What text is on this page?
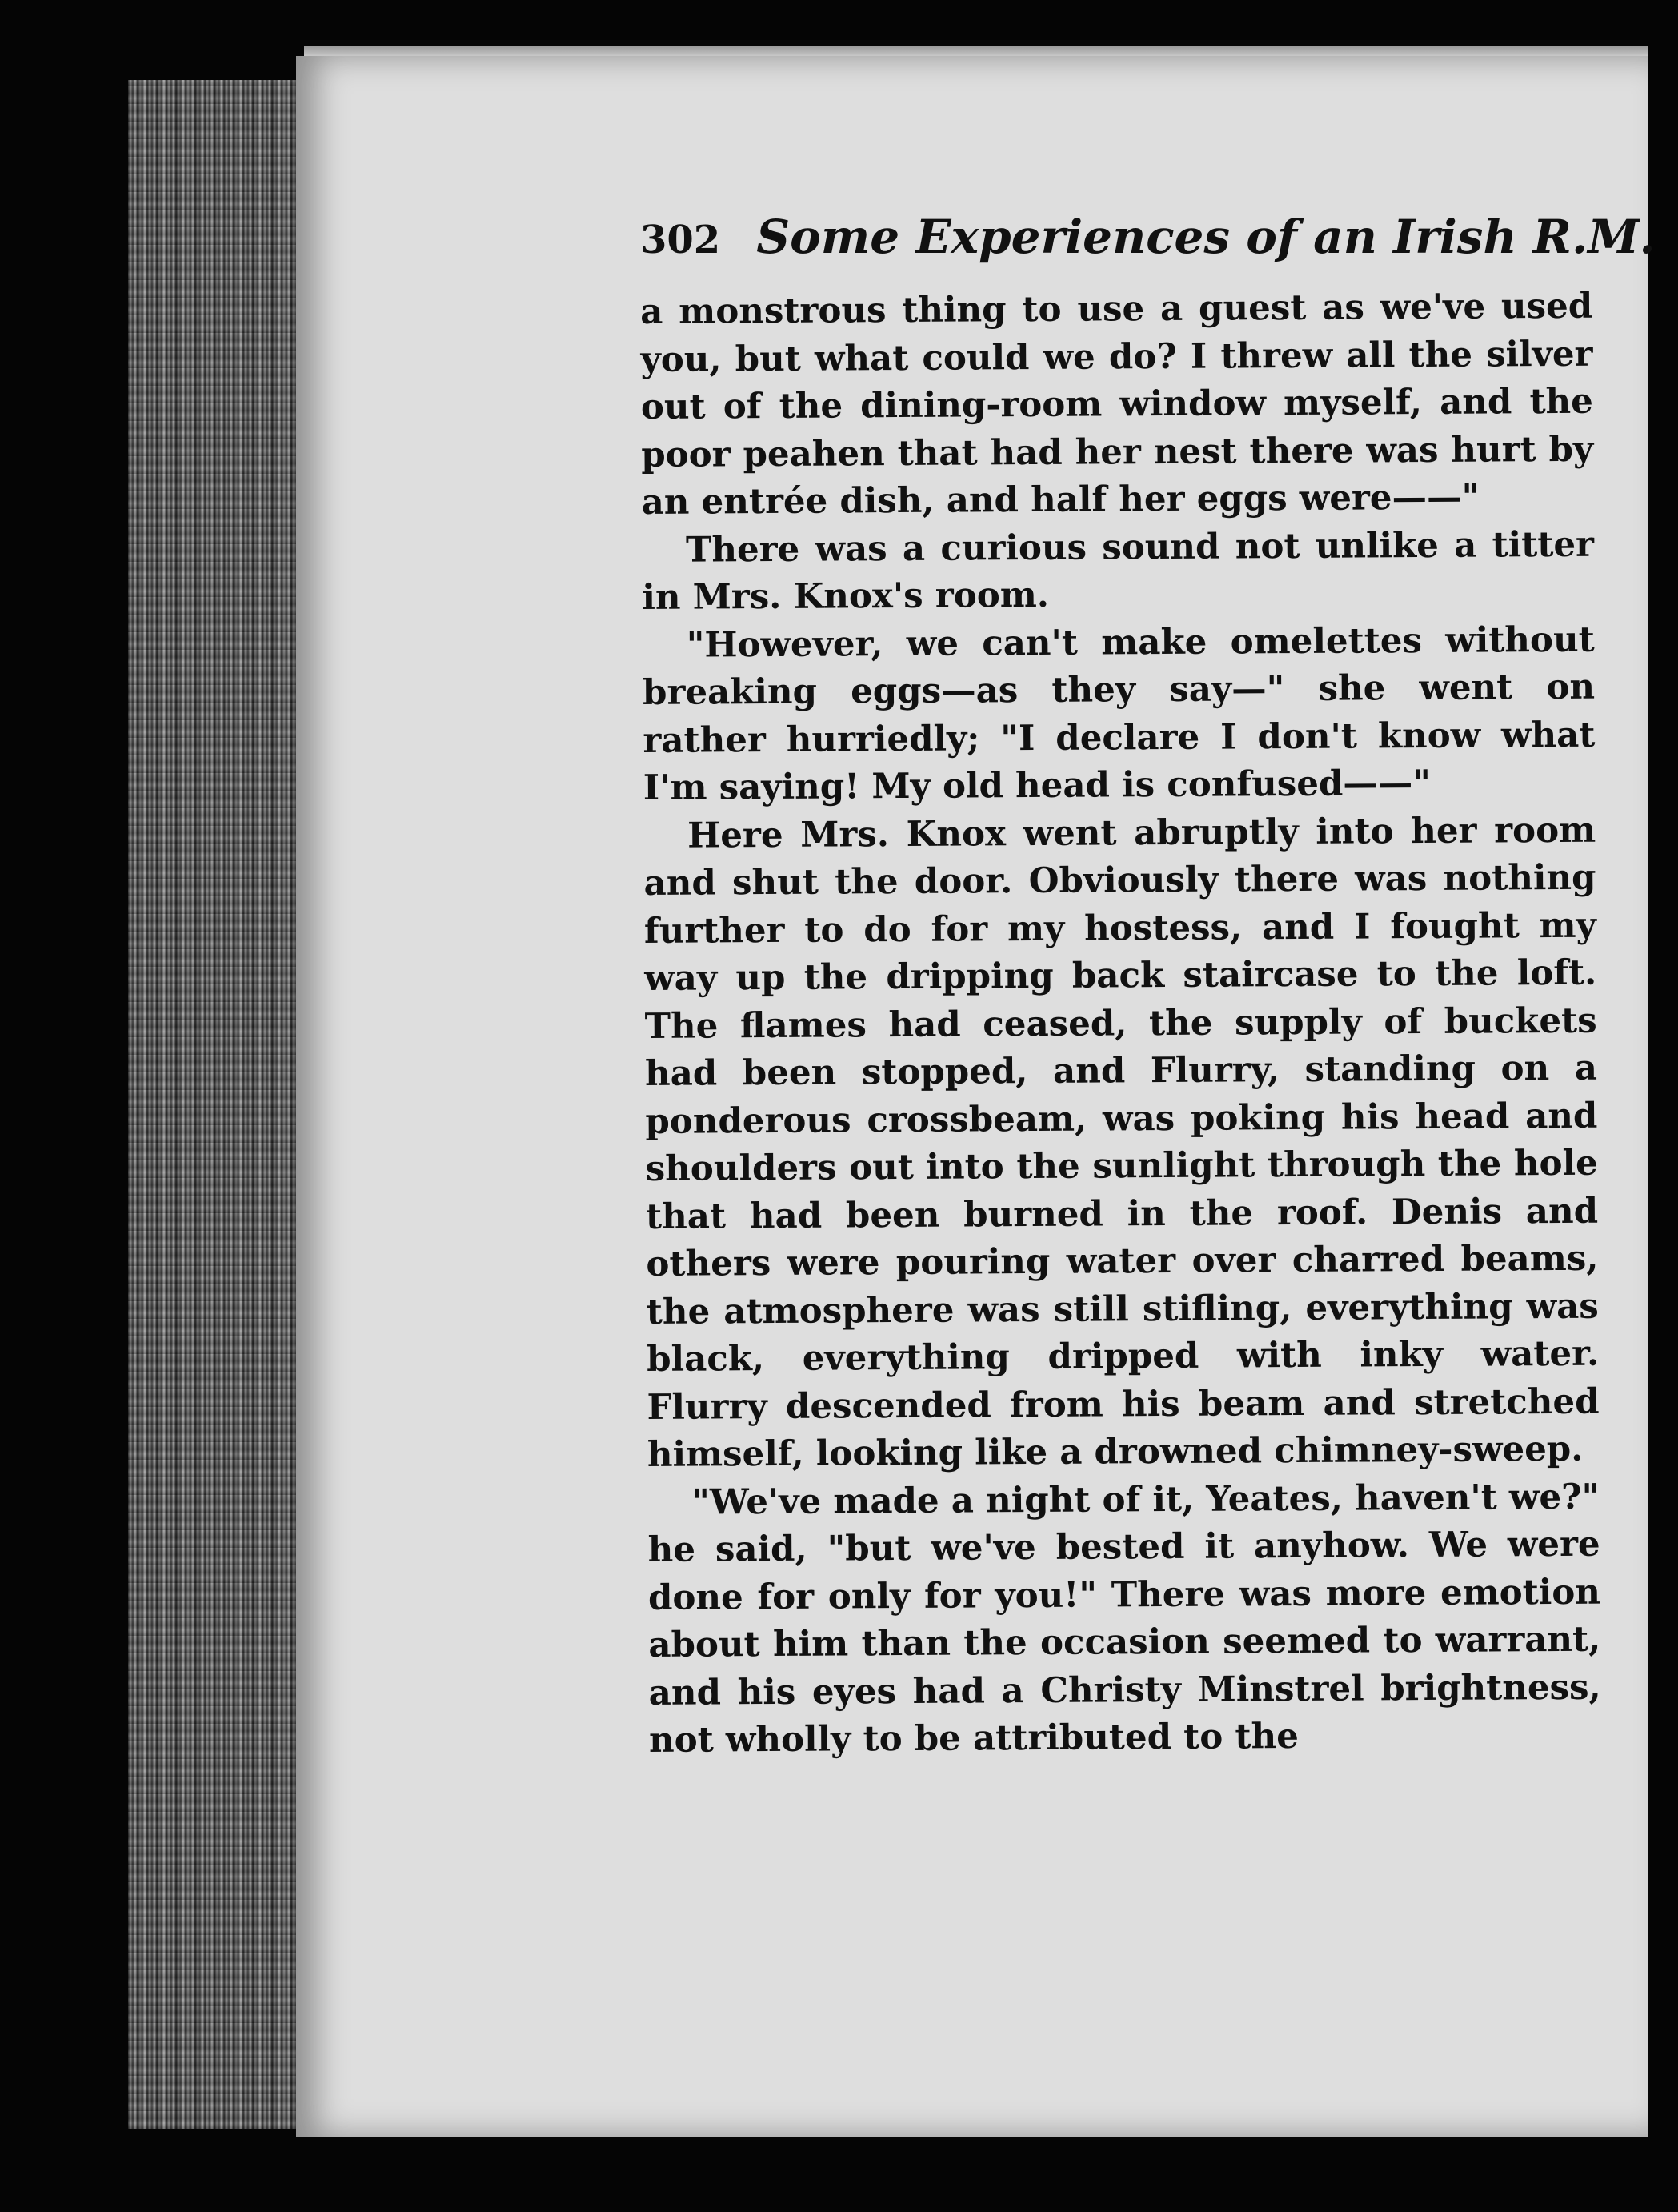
302 Some Experiences of an Irish R.M.

a monstrous thing to use a guest as we've used you, but what could we do? I threw all the silver out of the dining-room window myself, and the poor peahen that had her nest there was hurt by an entrée dish, and half her eggs were——"

There was a curious sound not unlike a titter in Mrs. Knox's room.

"However, we can't make omelettes without breaking eggs—as they say—" she went on rather hurriedly; "I declare I don't know what I'm saying! My old head is confused——"

Here Mrs. Knox went abruptly into her room and shut the door. Obviously there was nothing further to do for my hostess, and I fought my way up the dripping back staircase to the loft. The flames had ceased, the supply of buckets had been stopped, and Flurry, standing on a ponderous crossbeam, was poking his head and shoulders out into the sunlight through the hole that had been burned in the roof. Denis and others were pouring water over charred beams, the atmosphere was still stifling, everything was black, everything dripped with inky water. Flurry descended from his beam and stretched himself, looking like a drowned chimney-sweep.

"We've made a night of it, Yeates, haven't we?" he said, "but we've bested it anyhow. We were done for only for you!" There was more emotion about him than the occasion seemed to warrant, and his eyes had a Christy Minstrel brightness, not wholly to be attributed to the
